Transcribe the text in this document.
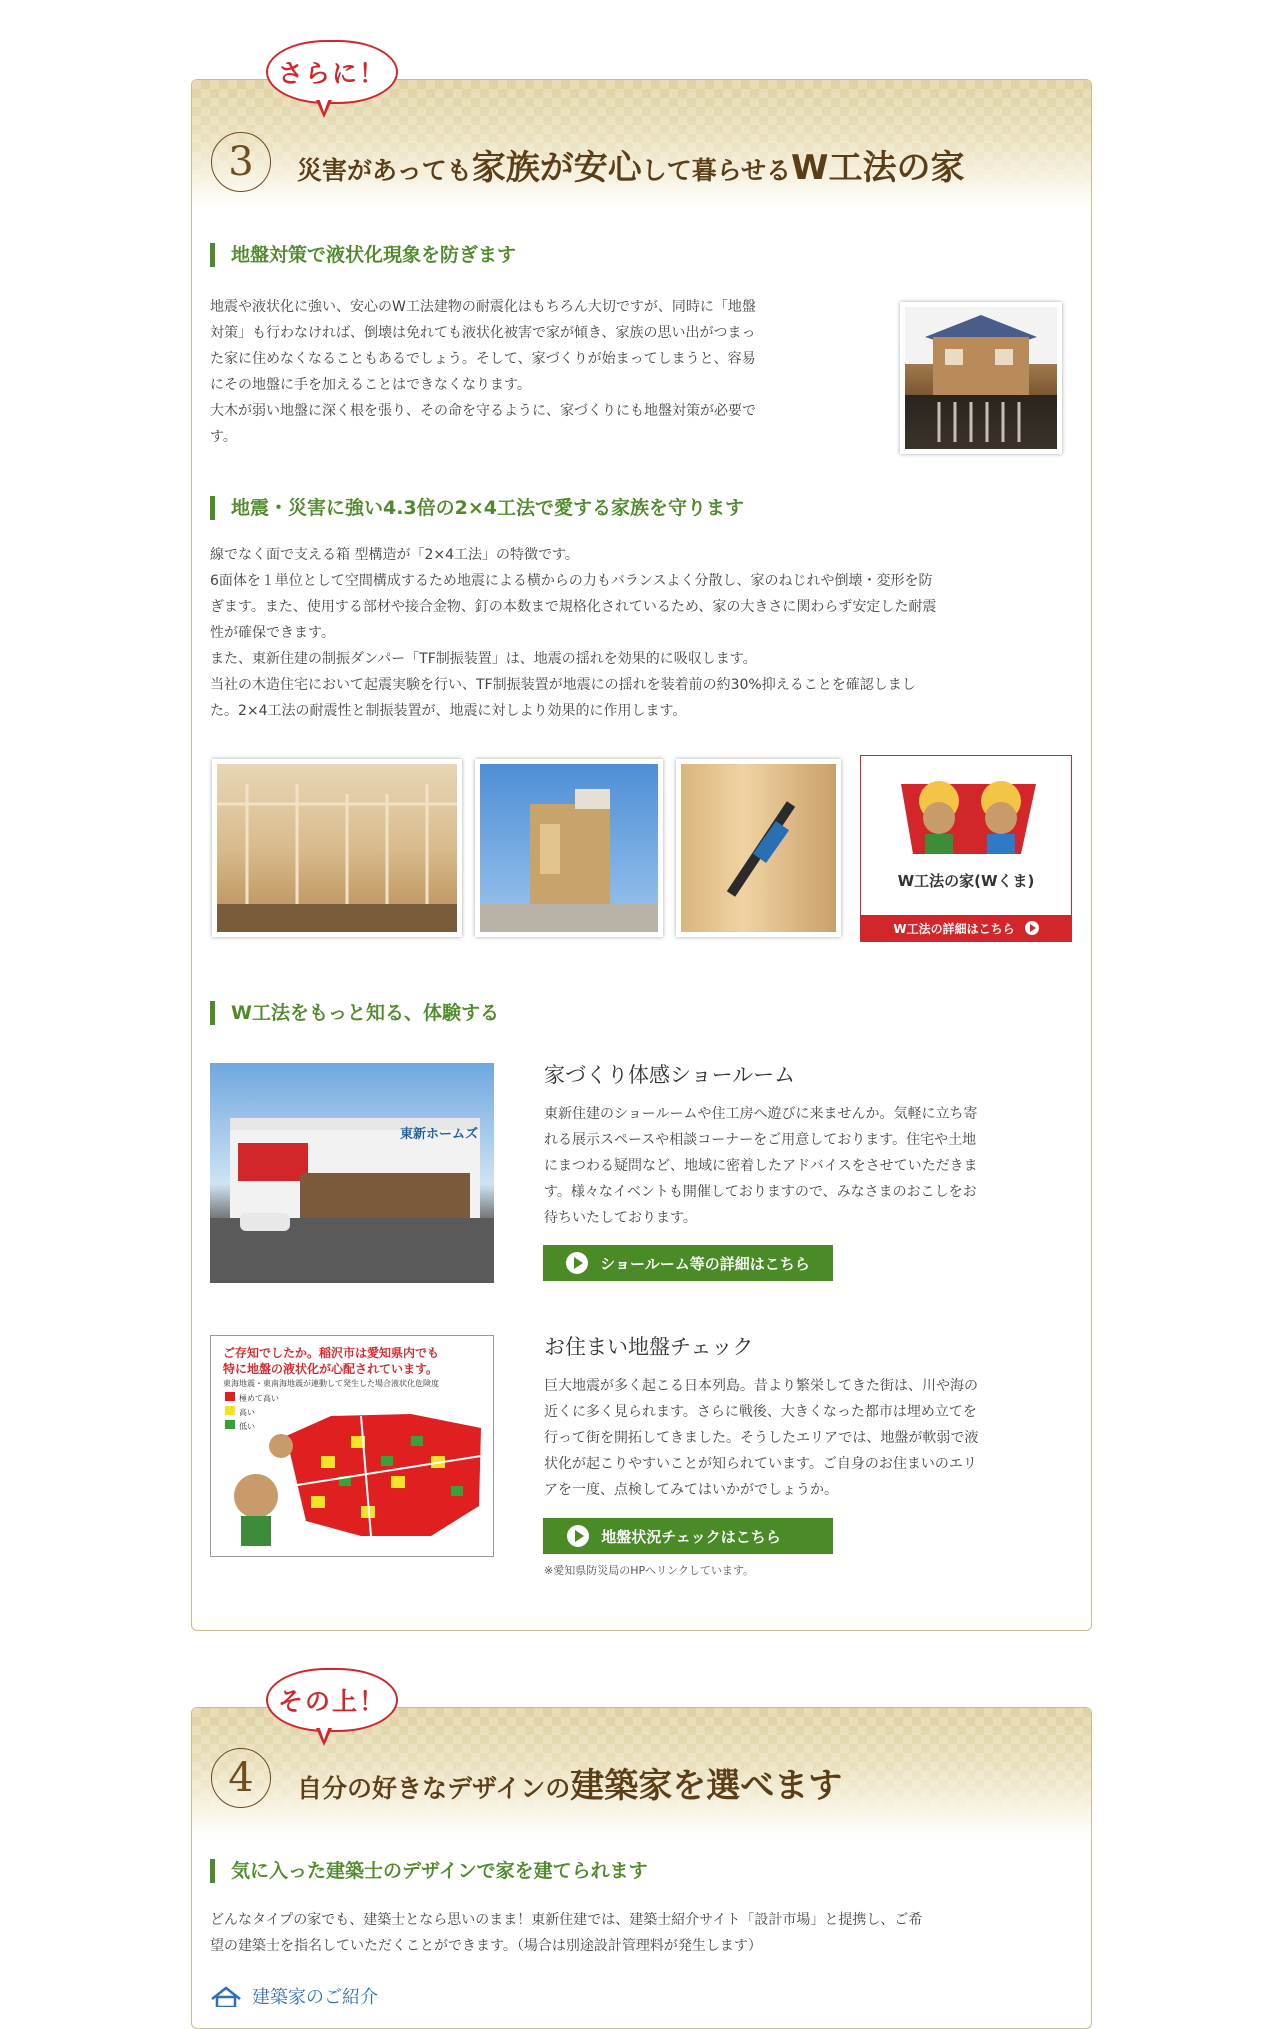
3	災害があっても家族が安心して暮らせるW工法の家
地盤対策で液状化現象を防ぎます
地震や液状化に強い、安心のW工法建物の耐震化はもちろん大切ですが、同時に「地盤
対策」も行わなければ、倒壊は免れても液状化被害で家が傾き、家族の思い出がつまっ
た家に住めなくなることもあるでしょう。そして、家づくりが始まってしまうと、容易
にその地盤に手を加えることはできなくなります。
大木が弱い地盤に深く根を張り、その命を守るように、家づくりにも地盤対策が必要で
す。
地震・災害に強い4.3倍の2×4工法で愛する家族を守ります
線でなく面で支える箱 型構造が「2×4工法」の特徴です。
6面体を１単位として空間構成するため地震による横からの力もバランスよく分散し、家のねじれや倒壊・変形を防
ぎます。また、使用する部材や接合金物、釘の本数まで規格化されているため、家の大きさに関わらず安定した耐震
性が確保できます。
また、東新住建の制振ダンパー「TF制振装置」は、地震の揺れを効果的に吸収します。
当社の木造住宅において起震実験を行い、TF制振装置が地震にの揺れを装着前の約30%抑えることを確認しまし
た。2×4工法の耐震性と制振装置が、地震に対しより効果的に作用します。
W工法の家(Wくま)
W工法の詳細はこちら
W工法をもっと知る、体験する
東新ホームズ
家づくり体感ショールーム
東新住建のショールームや住工房へ遊びに来ませんか。気軽に立ち寄
れる展示スペースや相談コーナーをご用意しております。住宅や土地
にまつわる疑問など、地域に密着したアドバイスをさせていただきま
す。様々なイベントも開催しておりますので、みなさまのおこしをお
待ちいたしております。
ショールーム等の詳細はこちら
ご存知でしたか。稲沢市は愛知県内でも
特に地盤の液状化が心配されています。
東海地震・東南海地震が連動して発生した場合液状化危険度
極めて高い
高い
低い
お住まい地盤チェック
巨大地震が多く起こる日本列島。昔より繁栄してきた街は、川や海の
近くに多く見られます。さらに戦後、大きくなった都市は埋め立てを
行って街を開拓してきました。そうしたエリアでは、地盤が軟弱で液
状化が起こりやすいことが知られています。ご自身のお住まいのエリ
アを一度、点検してみてはいかがでしょうか。
地盤状況チェックはこちら
※愛知県防災局のHPへリンクしています。
さらに！
4	自分の好きなデザインの建築家を選べます
気に入った建築士のデザインで家を建てられます
どんなタイプの家でも、建築士となら思いのまま！東新住建では、建築士紹介サイト「設計市場」と提携し、ご希
望の建築士を指名していただくことができます。（場合は別途設計管理料が発生します）
建築家のご紹介
その上！
